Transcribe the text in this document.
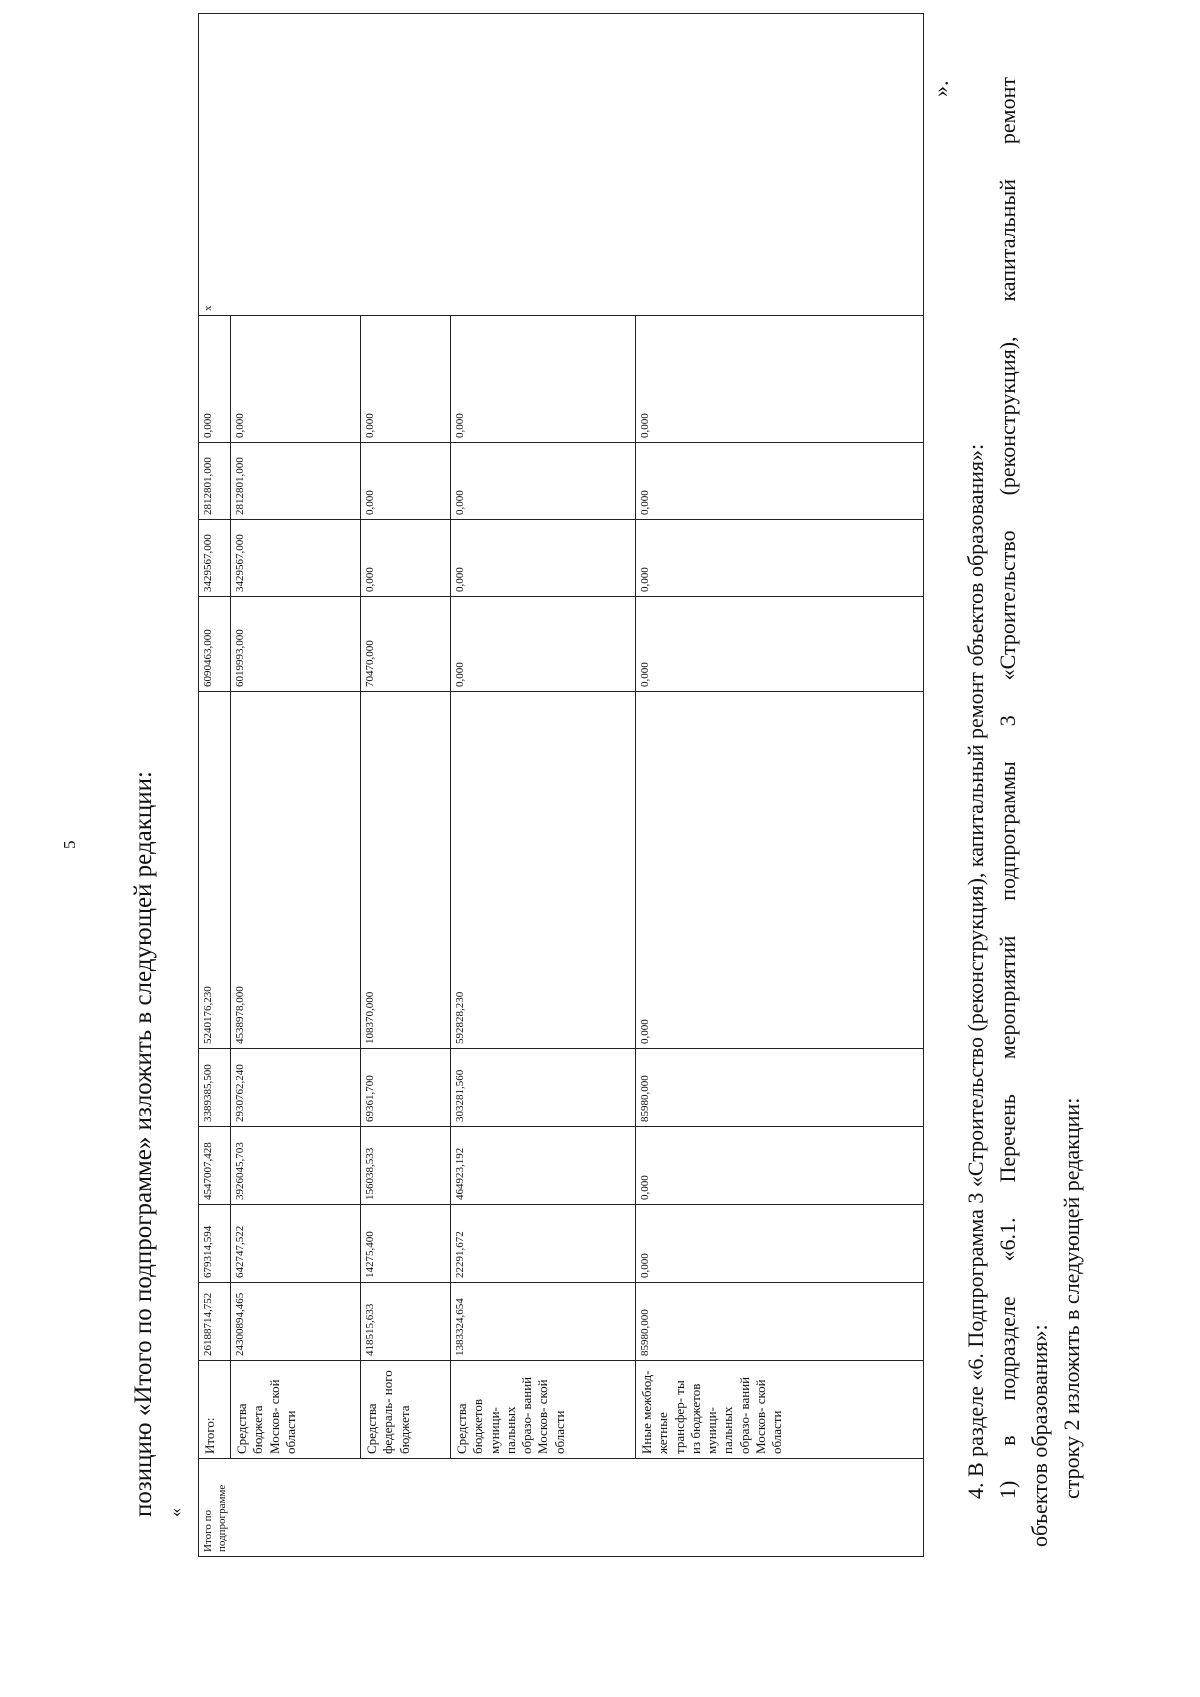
5 позицию «Итого по подпрограмме» изложить в следующей редакции: « Итого по подпрограмме	Итого:	26188714,752	679314,594	4547007,428	3389385,500	5240176,230	6090463,000	3429567,000	2812801,000	0,000	x
	Средства бюджета Москов- ской области	24300894,465	642747,522	3926045,703	2930762,240	4538978,000	6019993,000	3429567,000	2812801,000	0,000	
	Средства федераль- ного бюджета	418515,633	14275,400	156038,533	69361,700	108370,000	70470,000	0,000	0,000	0,000	
	Средства бюджетов муници- пальных образо- ваний Москов- ской области	1383324,654	22291,672	464923,192	303281,560	592828,230	0,000	0,000	0,000	0,000	
	Иные межбюд- жетные трансфер- ты из бюджетов муници- пальных образо- ваний Москов- ской области	85980,000	0,000	0,000	85980,000	0,000	0,000	0,000	0,000	0,000	
».

4. В разделе «6. Подпрограмма 3 «Строительство (реконструкция), капитальный ремонт объектов образования»: 1) в подразделе «6.1. Перечень мероприятий подпрограммы 3 «Строительство (реконструкция), капитальный ремонт объектов образования»: строку 2 изложить в следующей редакции:
